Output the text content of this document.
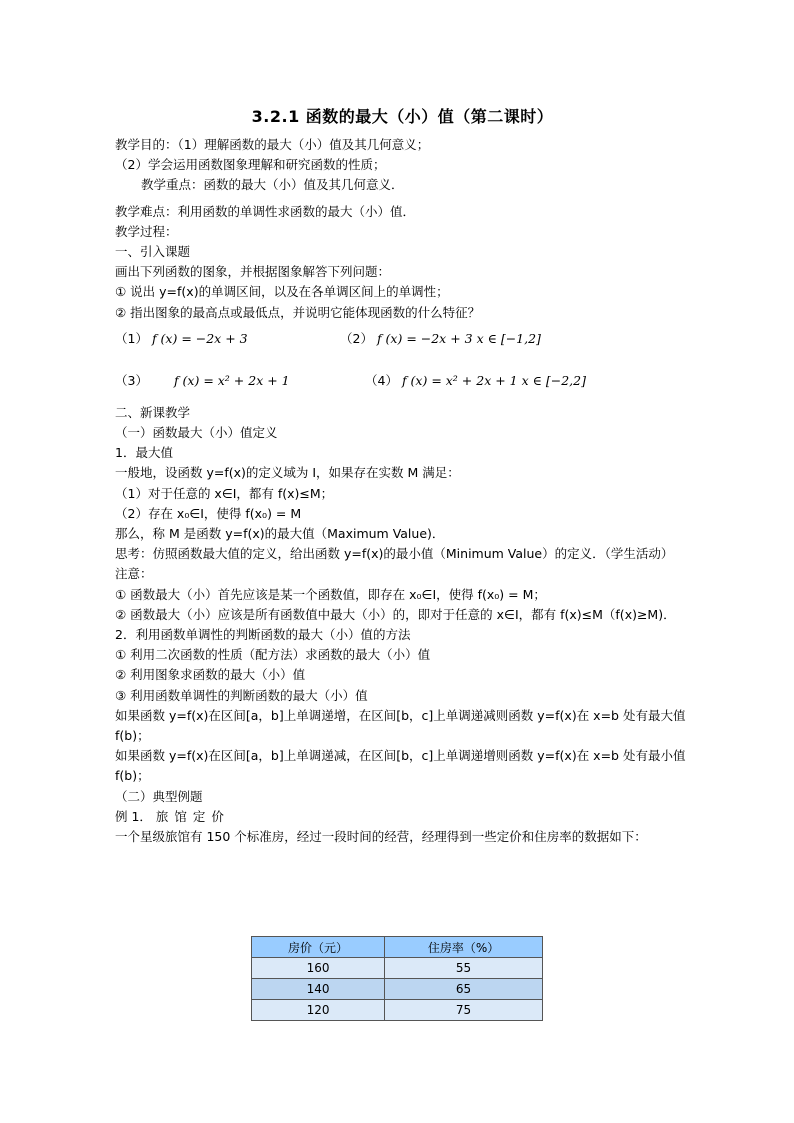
3.2.1 函数的最大（小）值（第二课时）
教学目的：（1）理解函数的最大（小）值及其几何意义；
（2）学会运用函数图象理解和研究函数的性质；
教学重点：函数的最大（小）值及其几何意义．
教学难点：利用函数的单调性求函数的最大（小）值．
教学过程：
一、引入课题
画出下列函数的图象，并根据图象解答下列问题：
① 说出 y=f(x)的单调区间，以及在各单调区间上的单调性；
② 指出图象的最高点或最低点，并说明它能体现函数的什么特征？
（1） f (x) = −2x + 3	（2） f (x) = −2x + 3 x ∈ [−1,2]
（3） f (x) = x² + 2x + 1	（4） f (x) = x² + 2x + 1 x ∈ [−2,2]
二、新课教学
（一）函数最大（小）值定义
1．最大值
一般地，设函数 y=f(x)的定义域为 I，如果存在实数 M 满足：
（1）对于任意的 x∈I，都有 f(x)≤M；
（2）存在 x₀∈I，使得 f(x₀) = M
那么，称 M 是函数 y=f(x)的最大值（Maximum Value)．
思考：仿照函数最大值的定义，给出函数 y=f(x)的最小值（Minimum Value）的定义．（学生活动）
注意：
① 函数最大（小）首先应该是某一个函数值，即存在 x₀∈I，使得 f(x₀) = M；
② 函数最大（小）应该是所有函数值中最大（小）的，即对于任意的 x∈I，都有 f(x)≤M（f(x)≥M)．
2．利用函数单调性的判断函数的最大（小）值的方法
① 利用二次函数的性质（配方法）求函数的最大（小）值
② 利用图象求函数的最大（小）值
③ 利用函数单调性的判断函数的最大（小）值
如果函数 y=f(x)在区间[a，b]上单调递增，在区间[b，c]上单调递减则函数 y=f(x)在 x=b 处有最大值 f(b)；
如果函数 y=f(x)在区间[a，b]上单调递减，在区间[b，c]上单调递增则函数 y=f(x)在 x=b 处有最小值 f(b)；
（二）典型例题
例 1． 旅馆定价
一个星级旅馆有 150 个标准房，经过一段时间的经营，经理得到一些定价和住房率的数据如下：
房价（元）	住房率（%）
160	55
140	65
120	75
